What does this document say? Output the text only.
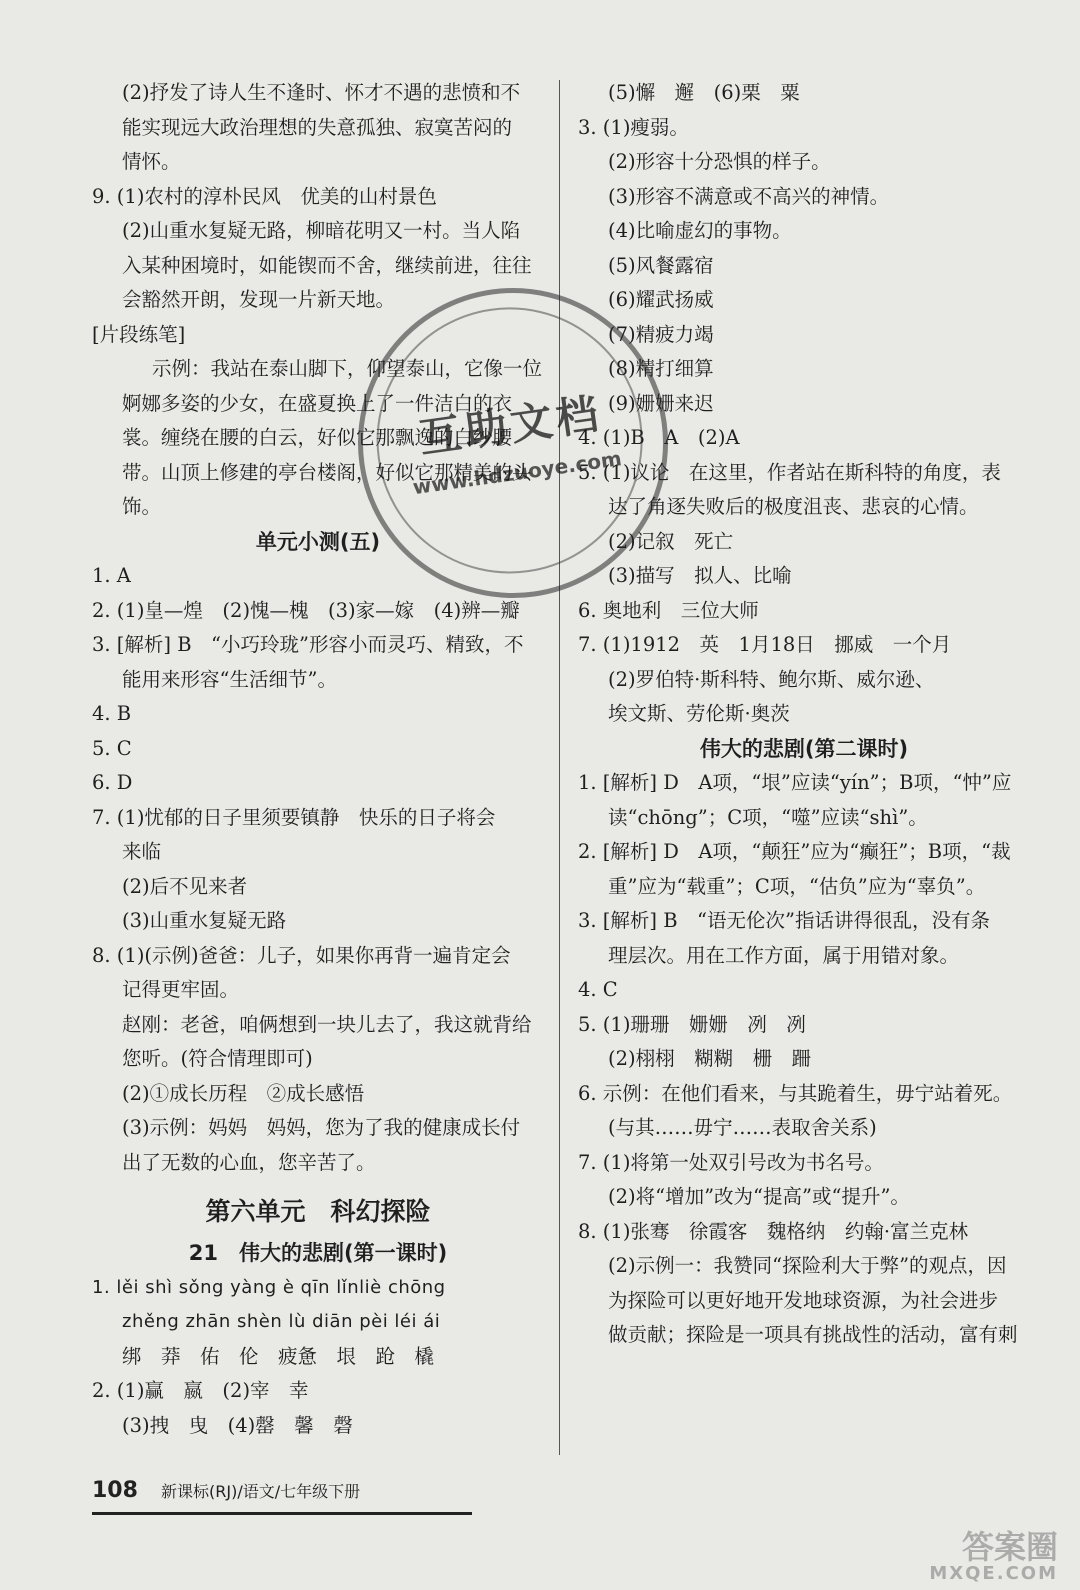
(2)抒发了诗人生不逢时、怀才不遇的悲愤和不
能实现远大政治理想的失意孤独、寂寞苦闷的
情怀。
9. (1)农村的淳朴民风　优美的山村景色
(2)山重水复疑无路，柳暗花明又一村。当人陷
入某种困境时，如能锲而不舍，继续前进，往往
会豁然开朗，发现一片新天地。
[片段练笔]
示例：我站在泰山脚下，仰望泰山，它像一位婀娜多姿的少女，在盛夏换上了一件洁白的衣裳。缠绕在腰的白云，好似它那飘逸的白纱腰带。山顶上修建的亭台楼阁，好似它那精美的头饰。
单元小测(五)
1. A
2. (1)皇—煌　(2)愧—槐　(3)家—嫁　(4)辨—瓣
3. [解析] B　“小巧玲珑”形容小而灵巧、精致，不
能用来形容“生活细节”。
4. B
5. C
6. D
7. (1)忧郁的日子里须要镇静　快乐的日子将会
来临
(2)后不见来者
(3)山重水复疑无路
8. (1)(示例)爸爸：儿子，如果你再背一遍肯定会
记得更牢固。
赵刚：老爸，咱俩想到一块儿去了，我这就背给
您听。(符合情理即可)
(2)①成长历程　②成长感悟
(3)示例：妈妈　妈妈，您为了我的健康成长付
出了无数的心血，您辛苦了。
第六单元　科幻探险
21　伟大的悲剧(第一课时)
1. lěi shì sǒng yàng è qīn lǐnliè chōng
zhěng zhān shèn lù diān pèi léi ái
绑　莽　佑　伦　疲惫　垠　跄　橇
2. (1)赢　嬴　(2)宰　幸
(3)拽　曳　(4)罄　馨　磬
(5)懈　邂　(6)栗　粟
3. (1)瘦弱。
(2)形容十分恐惧的样子。
(3)形容不满意或不高兴的神情。
(4)比喻虚幻的事物。
(5)风餐露宿
(6)耀武扬威
(7)精疲力竭
(8)精打细算
(9)姗姗来迟
4. (1)B　A　(2)A
5. (1)议论　在这里，作者站在斯科特的角度，表
达了角逐失败后的极度沮丧、悲哀的心情。
(2)记叙　死亡
(3)描写　拟人、比喻
6. 奥地利　三位大师
7. (1)1912　英　1月18日　挪威　一个月
(2)罗伯特·斯科特、鲍尔斯、威尔逊、
埃文斯、劳伦斯·奥茨
伟大的悲剧(第二课时)
1. [解析] D　A项，“垠”应读“yín”；B项，“忡”应
读“chōng”；C项，“噬”应读“shì”。
2. [解析] D　A项，“颠狂”应为“癫狂”；B项，“裁
重”应为“载重”；C项，“估负”应为“辜负”。
3. [解析] B　“语无伦次”指话讲得很乱，没有条
理层次。用在工作方面，属于用错对象。
4. C
5. (1)珊珊　姗姗　冽　冽
(2)栩栩　糊糊　栅　跚
6. 示例：在他们看来，与其跪着生，毋宁站着死。
(与其……毋宁……表取舍关系)
7. (1)将第一处双引号改为书名号。
(2)将“增加”改为“提高”或“提升”。
8. (1)张骞　徐霞客　魏格纳　约翰·富兰克林
(2)示例一：我赞同“探险利大于弊”的观点，因
为探险可以更好地开发地球资源，为社会进步
做贡献；探险是一项具有挑战性的活动，富有刺
互助文档
www.hdzuoye.com
108 新课标(RJ)/语文/七年级下册
答案圈
MXQE.COM
